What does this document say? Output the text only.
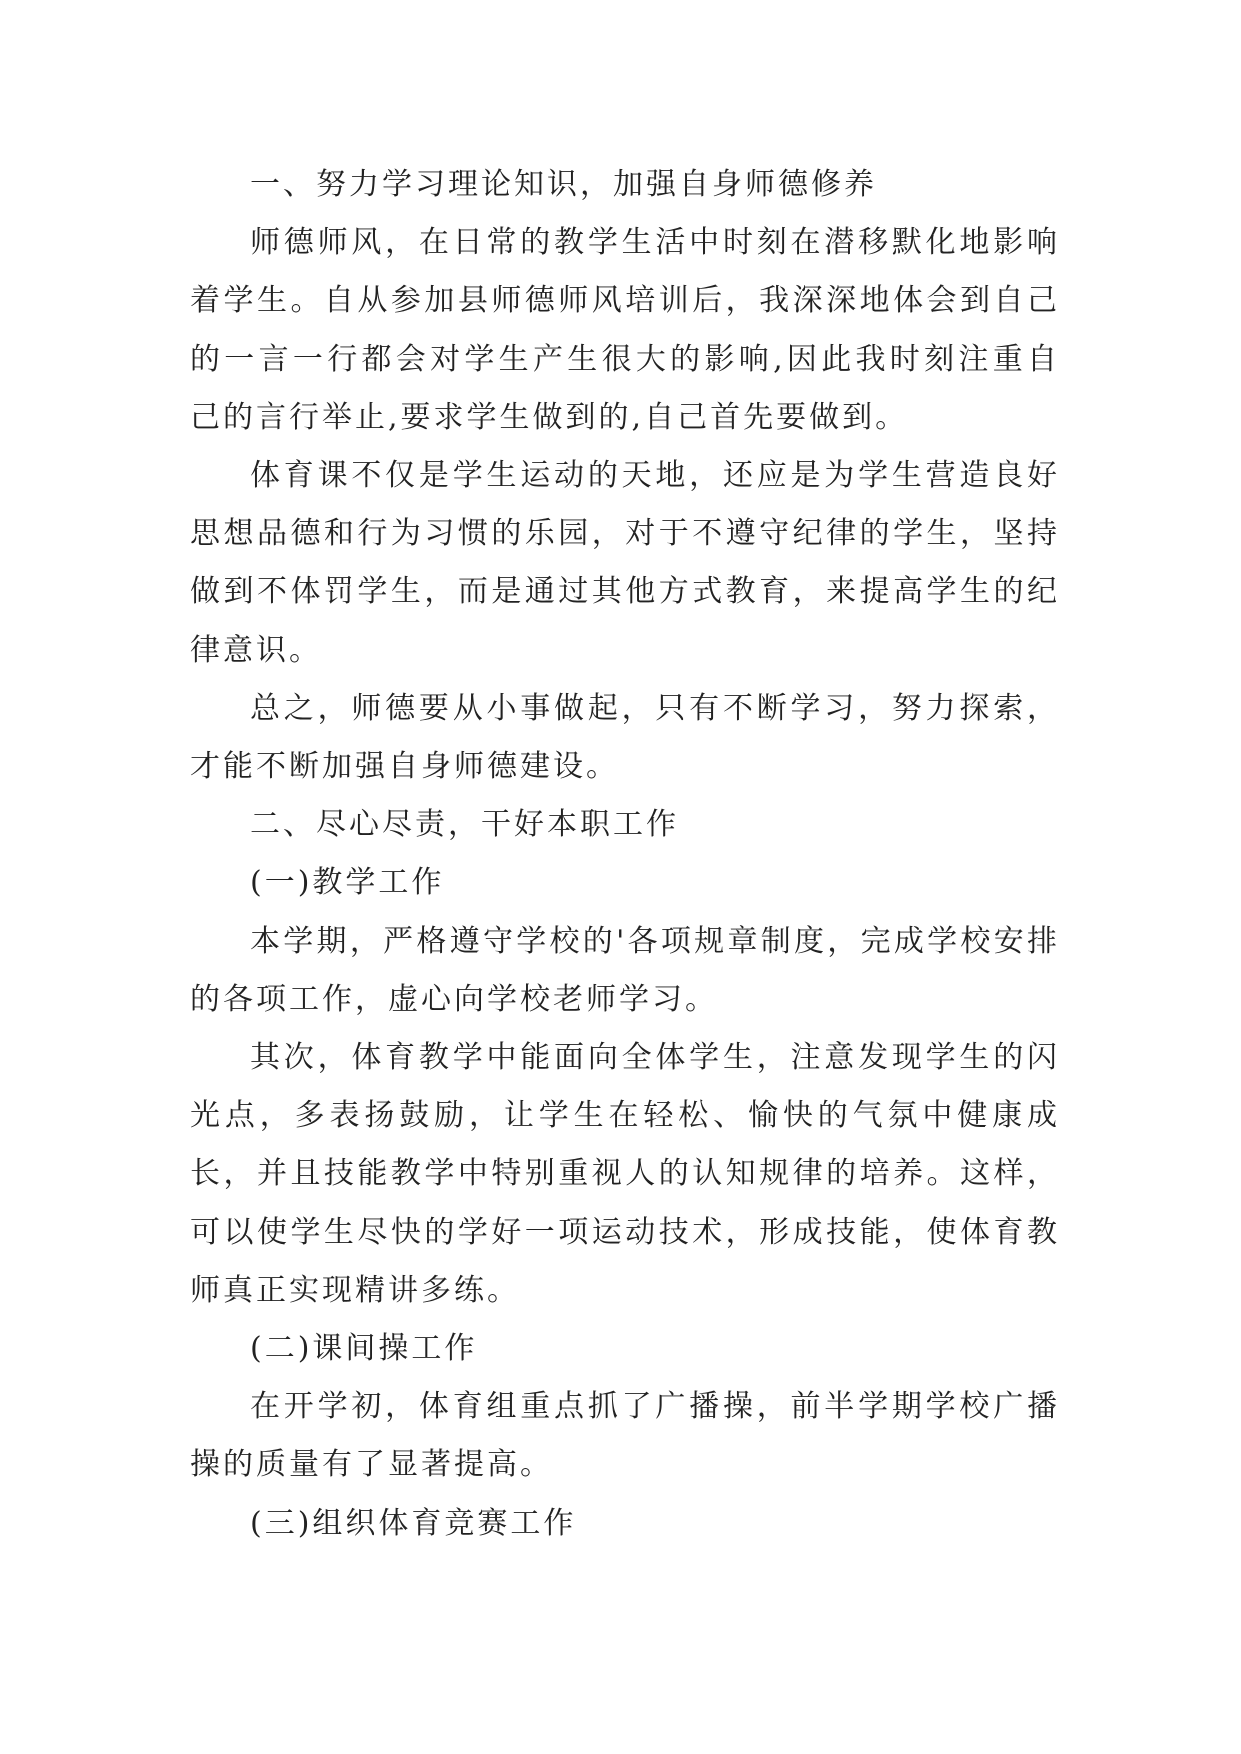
一、努力学习理论知识，加强自身师德修养

师德师风，在日常的教学生活中时刻在潜移默化地影响着学生。自从参加县师德师风培训后，我深深地体会到自己的一言一行都会对学生产生很大的影响,因此我时刻注重自己的言行举止,要求学生做到的,自己首先要做到。

体育课不仅是学生运动的天地，还应是为学生营造良好思想品德和行为习惯的乐园，对于不遵守纪律的学生，坚持做到不体罚学生，而是通过其他方式教育，来提高学生的纪律意识。

总之，师德要从小事做起，只有不断学习，努力探索，才能不断加强自身师德建设。

二、尽心尽责，干好本职工作

(一)教学工作

本学期，严格遵守学校的'各项规章制度，完成学校安排的各项工作，虚心向学校老师学习。

其次，体育教学中能面向全体学生，注意发现学生的闪光点，多表扬鼓励，让学生在轻松、愉快的气氛中健康成长，并且技能教学中特别重视人的认知规律的培养。这样，可以使学生尽快的学好一项运动技术，形成技能，使体育教师真正实现精讲多练。

(二)课间操工作

在开学初，体育组重点抓了广播操，前半学期学校广播操的质量有了显著提高。

(三)组织体育竞赛工作
